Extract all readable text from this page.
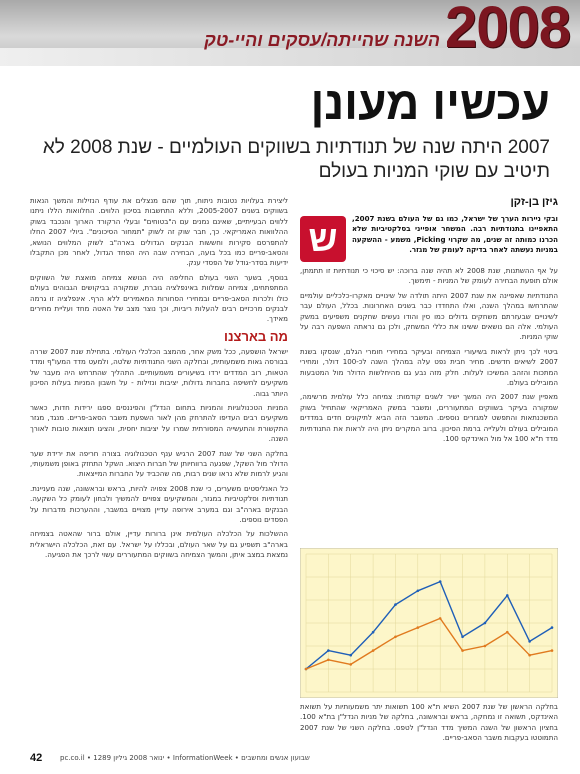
2008
השנה שהייתה/עסקים והיי-טק
עכשיו מעונן
2007 היתה שנה של תנודתיות בשווקים העולמיים - שנת 2008 לא תיטיב עם שוקי המניות בעולם
גיזן בן-זקן
ש	ובקי ניירות הערך של ישראל, כמו גם של העולם בשנת 2007, התאפיינו בתנודתיות רבה. המשחר אופייני בסלקטיביות שלא הכרנו כמותה זה שנים, מה שקרוי Picking, משמע - ההשקעה במניות נעשתה לאחר בדיקה לעומק של מגזר.

על אף ההשתנות, שנת 2008 לא תהיה שנה ברוכה: יש סיכוי כי תנודתיות זו תתמתן, אולם תופעת הבחירה לעומק של המניות - תימשך.

התנודתיות שאפיינה את שנת 2007 היתה תולדה של שינויים מאקרו-כלכליים עולמיים שהתרחשו במהלך השנה, ואלו התחדדו כבר בשנים האחרונות. בכלל, העולם עבר לשינויים שבעזרתם משחקים גדולים כמו סין והודו נעשים שחקנים משפיעים במשק העולמי. אלה הם נושאים ששינו את כללי המשחק, ולכן גם נראתה השפעה רבה על שוקי המניות.

ביטוי לכך ניתן לראות בשיעורי הצמיחה ובעיקר במחירי חומרי הגלם, שנסקו בשנת 2007 לשיאים חדשים. מחיר חבית נפט עלה במהלך השנה לכ-100 דולר, ומחירי המתכות והזהב המשיכו לעלות. חלק מזה נבע גם מהיחלשות הדולר מול המטבעות המובילים בעולם.

מאפיין שנת 2007 היה המשך ישיר לשנים קודמות: צמיחה כלל עולמית מרשימה, שמקורה בעיקר בשווקים המתעוררים, ומשבר במשק האמריקאי שהתחיל בשוק המשכנתאות והתפשט למגזרים נוספים. המשבר הזה הביא לתיקונים חדים במדדים המובילים בעולם ולעלייה ברמת הסיכון. ברוב המקרים ניתן היה לראות את התנודתיות מדד ת"א 100 אל מול האינדקס 100.

ליצירת בעלויות נטובות ניתוח, תוך שהם מנצלים את עודף הנזילות והמשך הנאות בשווקים בשנים 2005-2007, וללא התחשבות בסיכון הלווים. החלוואות הללו ניתנו ללווים הבעייתיים, שאינם נמנים עם ה"בטוחים" ובעלי הרקורד הארוך והנכבד בשוק ההלוואות האמריקאי. כך, חבר שוק זה לשוק "תמחור הסיכונים". ביולי 2007 החלו להתפרסם סקירות וחששות הבנקים הגדולים בארה"ב לשוק המלווים הנושא, והסאב-פריים כמו בכל בועה, הבחירה שבה היה הפחד הגדול, לאחר מכן התקבלו ידיעות בסדר-גודל של הפסדי ענק.

בנוסף, בשער השני בעולם החליפה היה הנושא צמיחה מואצת של השווקים המתפתחים, צמיחה שמלוות באינפלציה גוברת, שמקורה בביקושים הגבוהים בעולם כולו ולכרות הסאב-פריים ובמחירי הסחורות המאמירים ללא הרף. אינפלציה זו גרמה לבנקים מרכזיים רבים להעלות ריביות, וכך נוצר מצב של האטה מחד ועליית מחירים מאידך.

מה בארצנו

ישראל הושפעה, ככל משק אחר, מהמצב הכלכלי העולמי. בתחילת שנת 2007 שררה בבורסה גאות משמעותית, ובחלקה השני התנודתיות שלטה, ולמעט מדד המעו"ף ומדד הטאות, רוב המדדים ירדו בשיעורים משמעותיים. התהליך שהתרחש היה מעבר של משקיעים לחשיפה בחברות גדולות, יציבות ונזילות - על חשבון המניות בעלות הסיכון היותר גבוה.

המניות הטכנולוגיות והמניות בתחום הנדל"ן והפיננסים ספגו ירידות חדות, כאשר משקיעים רבים העדיפו להתרחק מהן לאור השפעת משבר הסאב-פריים. מנגד, מגזר התקשורת והתעשייה המסורתית שמרו על יציבות יחסית, והציגו תוצאות טובות לאורך השנה.

בחלקה השני של שנת 2007 הרגיש ענף הטכנולוגיה בצורה חריפה את ירידת שער הדולר מול השקל, שפגעה ברווחיותן של חברות היצוא. השקל התחזק באופן משמעותי, והגיע לרמות שלא נראו שנים רבות, מה שהכביד על החברות המייצאות.

כל האנליסטים משערים, כי שנת 2008 צפויה להיות, בראש ובראשונה, שנה מעניינת. תנודתיות וסלקטיביות במגזר, והמשקיעים צפויים להמשיך ולבחון לעומק כל השקעה. הבנקים בארה"ב וגם במערב אירופה עדיין מצויים במשבר, וההערכות מדברות על הפסדים נוספים.

ההשלכות על הכלכלה העולמית אינן ברורות עדיין, אולם ברור שהאטה בצמיחה בארה"ב תשפיע גם על שאר העולם, ובכללו על ישראל. עם זאת, הכלכלה הישראלית נמצאת במצב איתן, והמשך הצמיחה בשווקים המתעוררים עשוי לרכך את הפגיעה.

בחלקה הראשון של שנת 2007 השיא ת"א 100 תשואות יתר משמעותיות על תשואת האינדקס, תשואה זו נמחקה, בראש ובראשונה, בחלקה של מניות הנדל"ן בת"א 100. בחציון הראשון של השנה המשיך מדד הנדל"ן לטפס. בחלקה השני של שנת 2007 התמוטטו בעקבות משבר הסאב-פריים.
42	pc.co.il • ינואר 2008 גיליון 1289 • InformationWeek • שבועון אנשים ומחשבים
